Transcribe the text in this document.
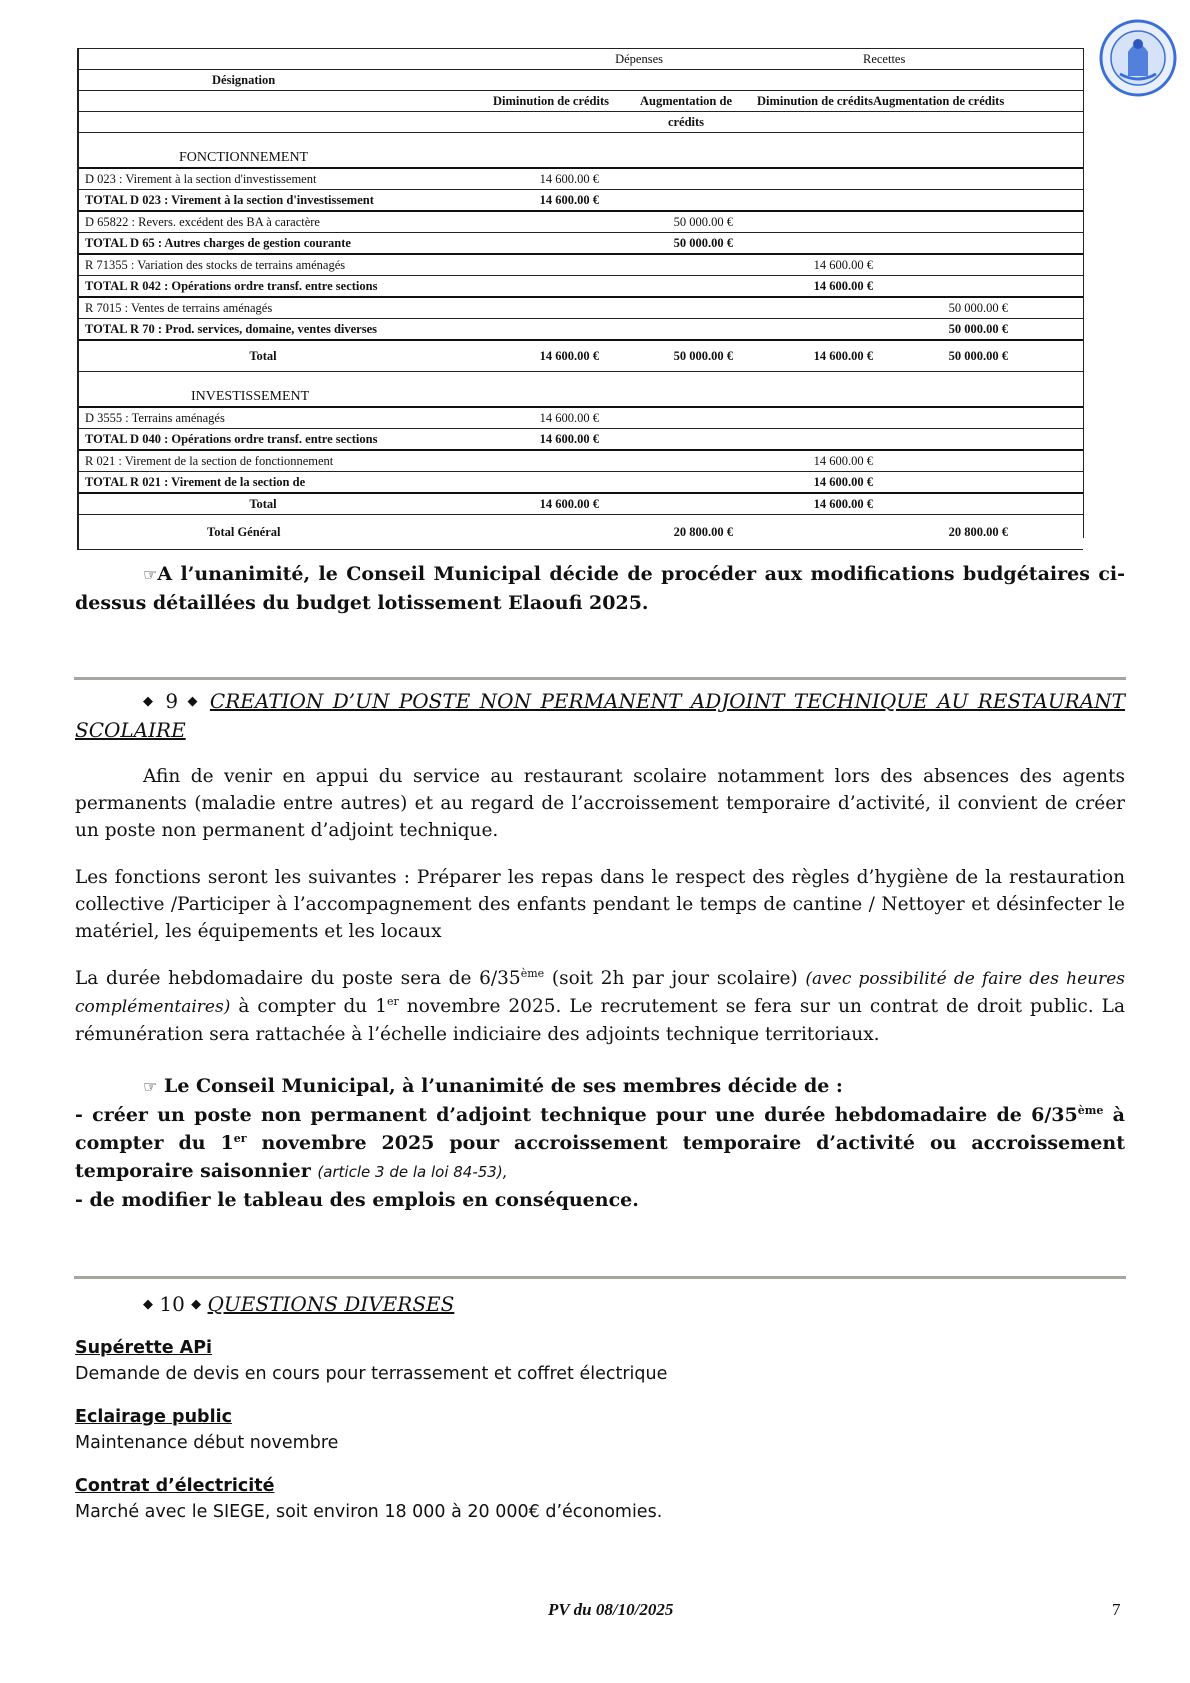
	Dépenses		Recettes	
Désignation				
	Diminution de crédits	Augmentation de	Diminution de créditsAugmentation de crédits	
		crédits		
FONCTIONNEMENT				
D 023 : Virement à la section d'investissement	14 600.00 €			
TOTAL D 023 : Virement à la section d'investissement	14 600.00 €			
D 65822 : Revers. excédent des BA à caractère		50 000.00 €		
TOTAL D 65 : Autres charges de gestion courante		50 000.00 €		
R 71355 : Variation des stocks de terrains aménagés			14 600.00 €	
TOTAL R 042 : Opérations ordre transf. entre sections			14 600.00 €	
R 7015 : Ventes de terrains aménagés				50 000.00 €
TOTAL R 70 : Prod. services, domaine, ventes diverses				50 000.00 €
Total	14 600.00 €	50 000.00 €	14 600.00 €	50 000.00 €
INVESTISSEMENT				
D 3555 : Terrains aménagés	14 600.00 €			
TOTAL D 040 : Opérations ordre transf. entre sections	14 600.00 €			
R 021 : Virement de la section de fonctionnement			14 600.00 €	
TOTAL R 021 : Virement de la section de			14 600.00 €	
Total	14 600.00 €		14 600.00 €	
Total Général		20 800.00 €		20 800.00 €

☞A l’unanimité, le Conseil Municipal décide de procéder aux modifications budgétaires ci-dessus détaillées du budget lotissement Elaoufi 2025.

◆ 9 ◆ CREATION D’UN POSTE NON PERMANENT ADJOINT TECHNIQUE AU RESTAURANT SCOLAIRE

Afin de venir en appui du service au restaurant scolaire notamment lors des absences des agents permanents (maladie entre autres) et au regard de l’accroissement temporaire d’activité, il convient de créer un poste non permanent d’adjoint technique.

Les fonctions seront les suivantes : Préparer les repas dans le respect des règles d’hygiène de la restauration collective /Participer à l’accompagnement des enfants pendant le temps de cantine / Nettoyer et désinfecter le matériel, les équipements et les locaux

La durée hebdomadaire du poste sera de 6/35ème (soit 2h par jour scolaire) (avec possibilité de faire des heures complémentaires) à compter du 1er novembre 2025. Le recrutement se fera sur un contrat de droit public. La rémunération sera rattachée à l’échelle indiciaire des adjoints technique territoriaux.

☞ Le Conseil Municipal, à l’unanimité de ses membres décide de :

- créer un poste non permanent d’adjoint technique pour une durée hebdomadaire de 6/35ème à compter du 1er novembre 2025 pour accroissement temporaire d’activité ou accroissement temporaire saisonnier (article 3 de la loi 84-53),

- de modifier le tableau des emplois en conséquence.

◆ 10 ◆ QUESTIONS DIVERSES

Supérette APi

Demande de devis en cours pour terrassement et coffret électrique

Eclairage public

Maintenance début novembre

Contrat d’électricité

Marché avec le SIEGE, soit environ 18 000 à 20 000€ d’économies.

PV du 08/10/2025	7
